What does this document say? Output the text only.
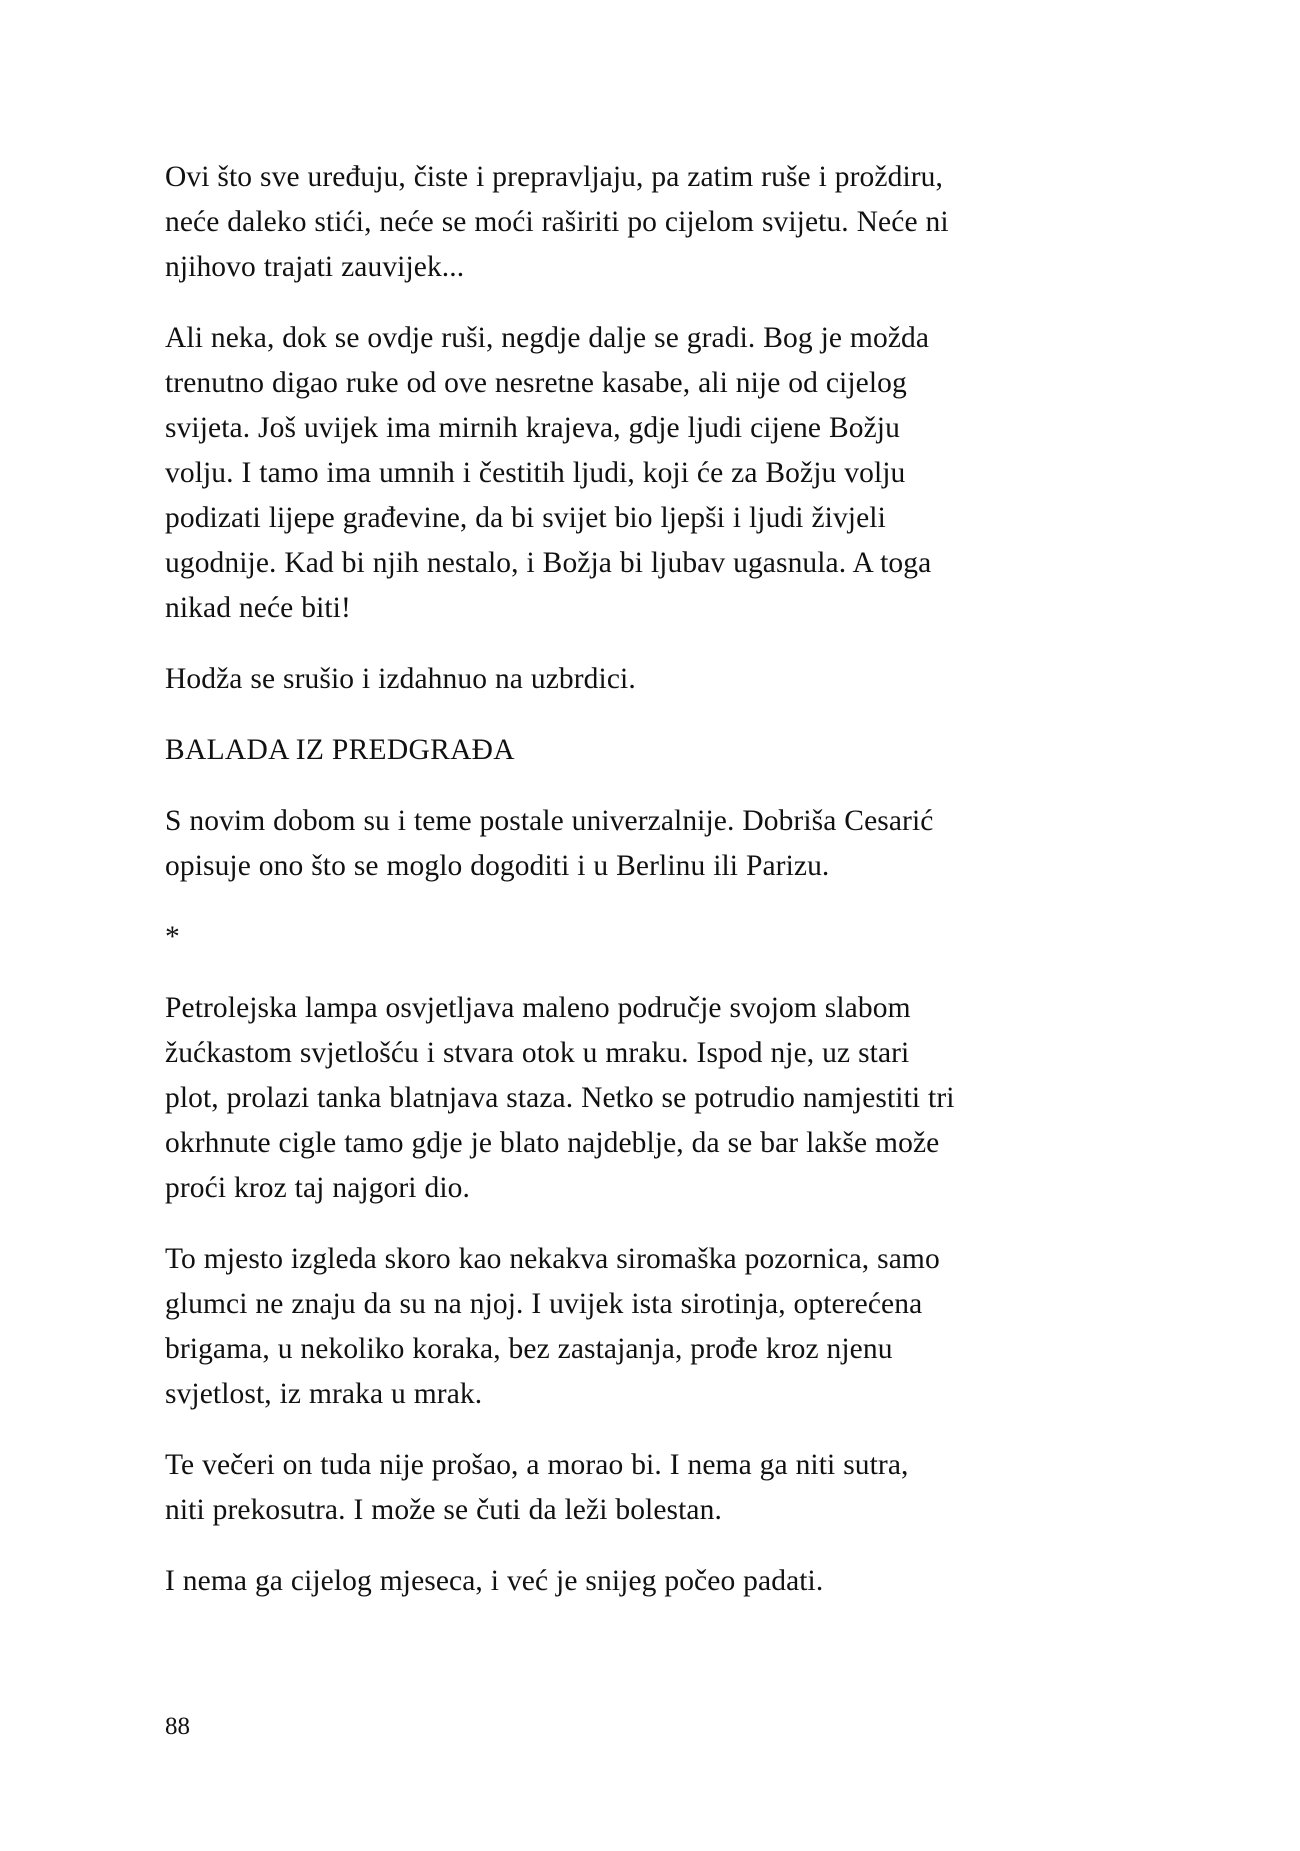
Ovi što sve uređuju, čiste i prepravljaju, pa zatim ruše i proždiru, neće daleko stići, neće se moći raširiti po cijelom svijetu. Neće ni njihovo trajati zauvijek...

Ali neka, dok se ovdje ruši, negdje dalje se gradi. Bog je možda trenutno digao ruke od ove nesretne kasabe, ali nije od cijelog svijeta. Još uvijek ima mirnih krajeva, gdje ljudi cijene Božju volju. I tamo ima umnih i čestitih ljudi, koji će za Božju volju podizati lijepe građevine, da bi svijet bio ljepši i ljudi živjeli ugodnije. Kad bi njih nestalo, i Božja bi ljubav ugasnula. A toga nikad neće biti!

Hodža se srušio i izdahnuo na uzbrdici.

BALADA IZ PREDGRAĐA

S novim dobom su i teme postale univerzalnije. Dobriša Cesarić opisuje ono što se moglo dogoditi i u Berlinu ili Parizu.

*

Petrolejska lampa osvjetljava maleno područje svojom slabom žućkastom svjetlošću i stvara otok u mraku. Ispod nje, uz stari plot, prolazi tanka blatnjava staza. Netko se potrudio namjestiti tri okrhnute cigle tamo gdje je blato najdeblje, da se bar lakše može proći kroz taj najgori dio.

To mjesto izgleda skoro kao nekakva siromaška pozornica, samo glumci ne znaju da su na njoj. I uvijek ista sirotinja, opterećena brigama, u nekoliko koraka, bez zastajanja, prođe kroz njenu svjetlost, iz mraka u mrak.

Te večeri on tuda nije prošao, a morao bi. I nema ga niti sutra, niti prekosutra. I može se čuti da leži bolestan.

I nema ga cijelog mjeseca, i već je snijeg počeo padati.

88
